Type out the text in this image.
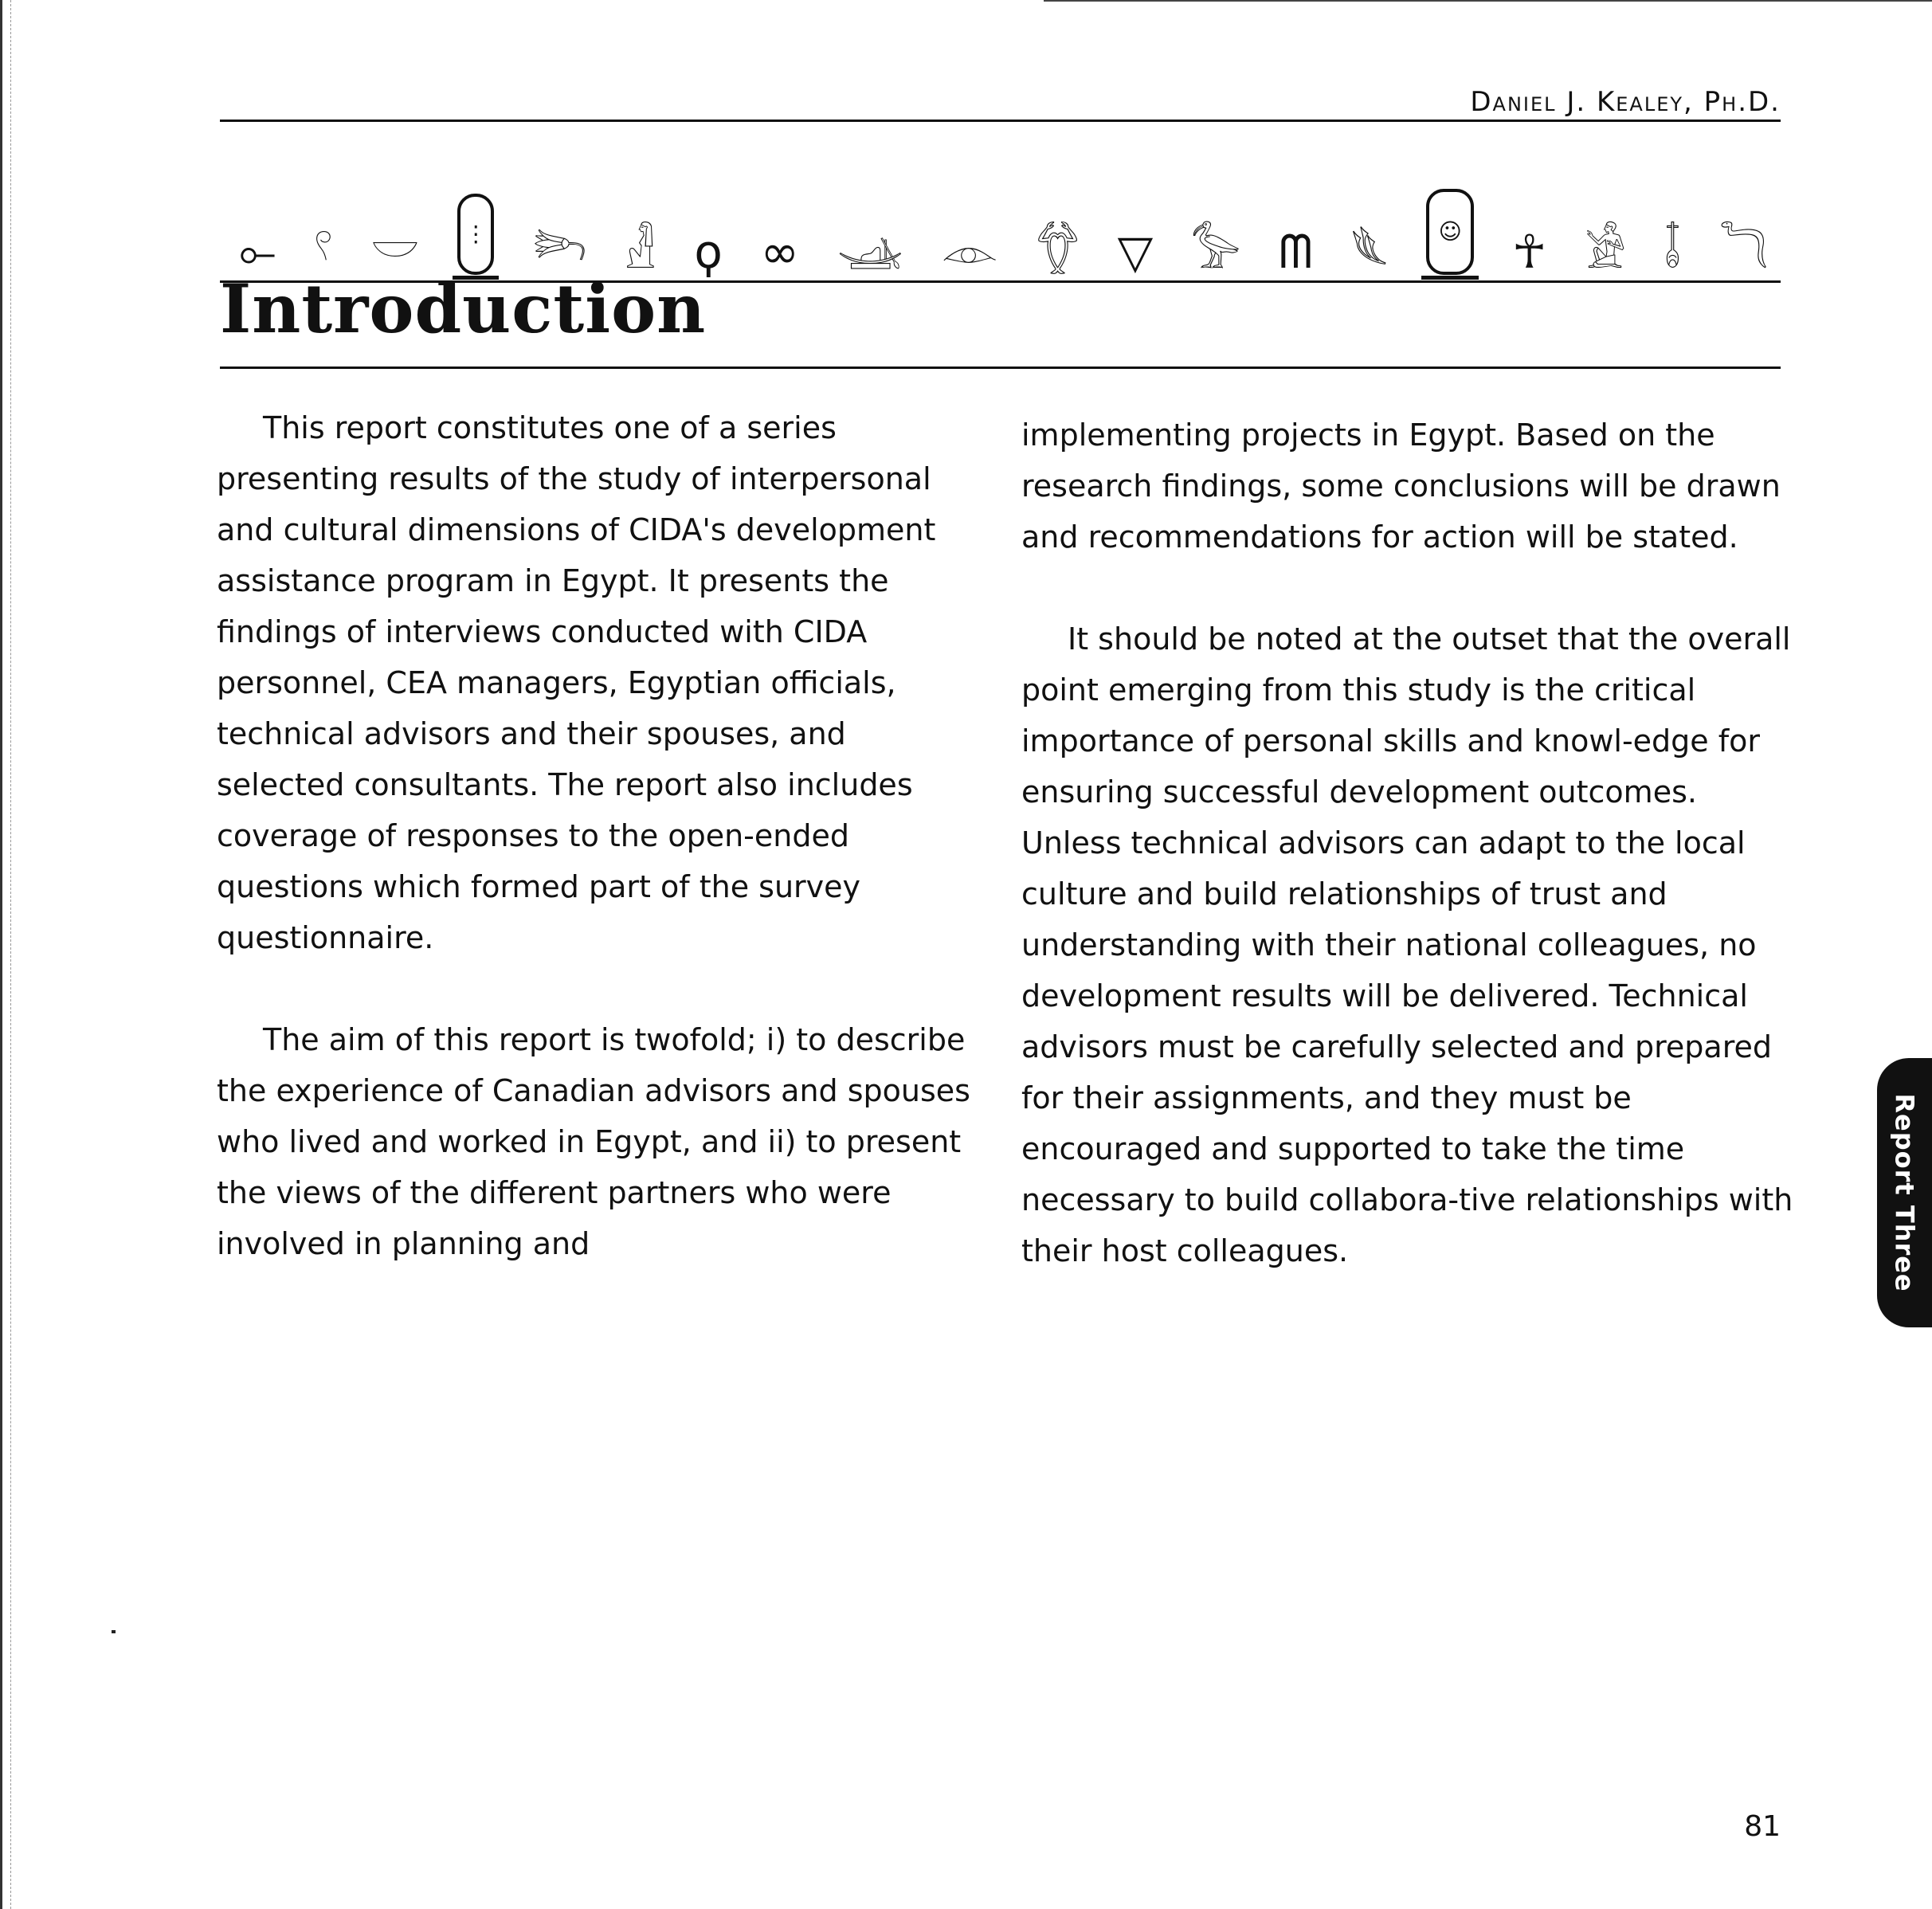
Daniel J. Kealey, Ph.D.
⟜ 𓍢 𓎟	⋮ 𓆸 𓁐 ϙ ∞ 𓊛 𓁹 𓆫 ▽ 𓅞 ᗰ 𓆰	☺ ☥ 𓀀 𓄤 𓆓
Introduction

This report constitutes one of a series presenting results of the study of interpersonal and cultural dimensions of CIDA's development assistance program in Egypt. It presents the findings of interviews conducted with CIDA personnel, CEA managers, Egyptian officials, technical advisors and their spouses, and selected consultants. The report also includes coverage of responses to the open-ended questions which formed part of the survey questionnaire.

The aim of this report is twofold; i) to describe the experience of Canadian advisors and spouses who lived and worked in Egypt, and ii) to present the views of the different partners who were involved in planning and

implementing projects in Egypt. Based on the research findings, some conclusions will be drawn and recommendations for action will be stated.

It should be noted at the outset that the overall point emerging from this study is the critical importance of personal skills and knowl-edge for ensuring successful development outcomes. Unless technical advisors can adapt to the local culture and build relationships of trust and understanding with their national colleagues, no development results will be delivered. Technical advisors must be carefully selected and prepared for their assignments, and they must be encouraged and supported to take the time necessary to build collabora-tive relationships with their host colleagues.	Report Three
81
